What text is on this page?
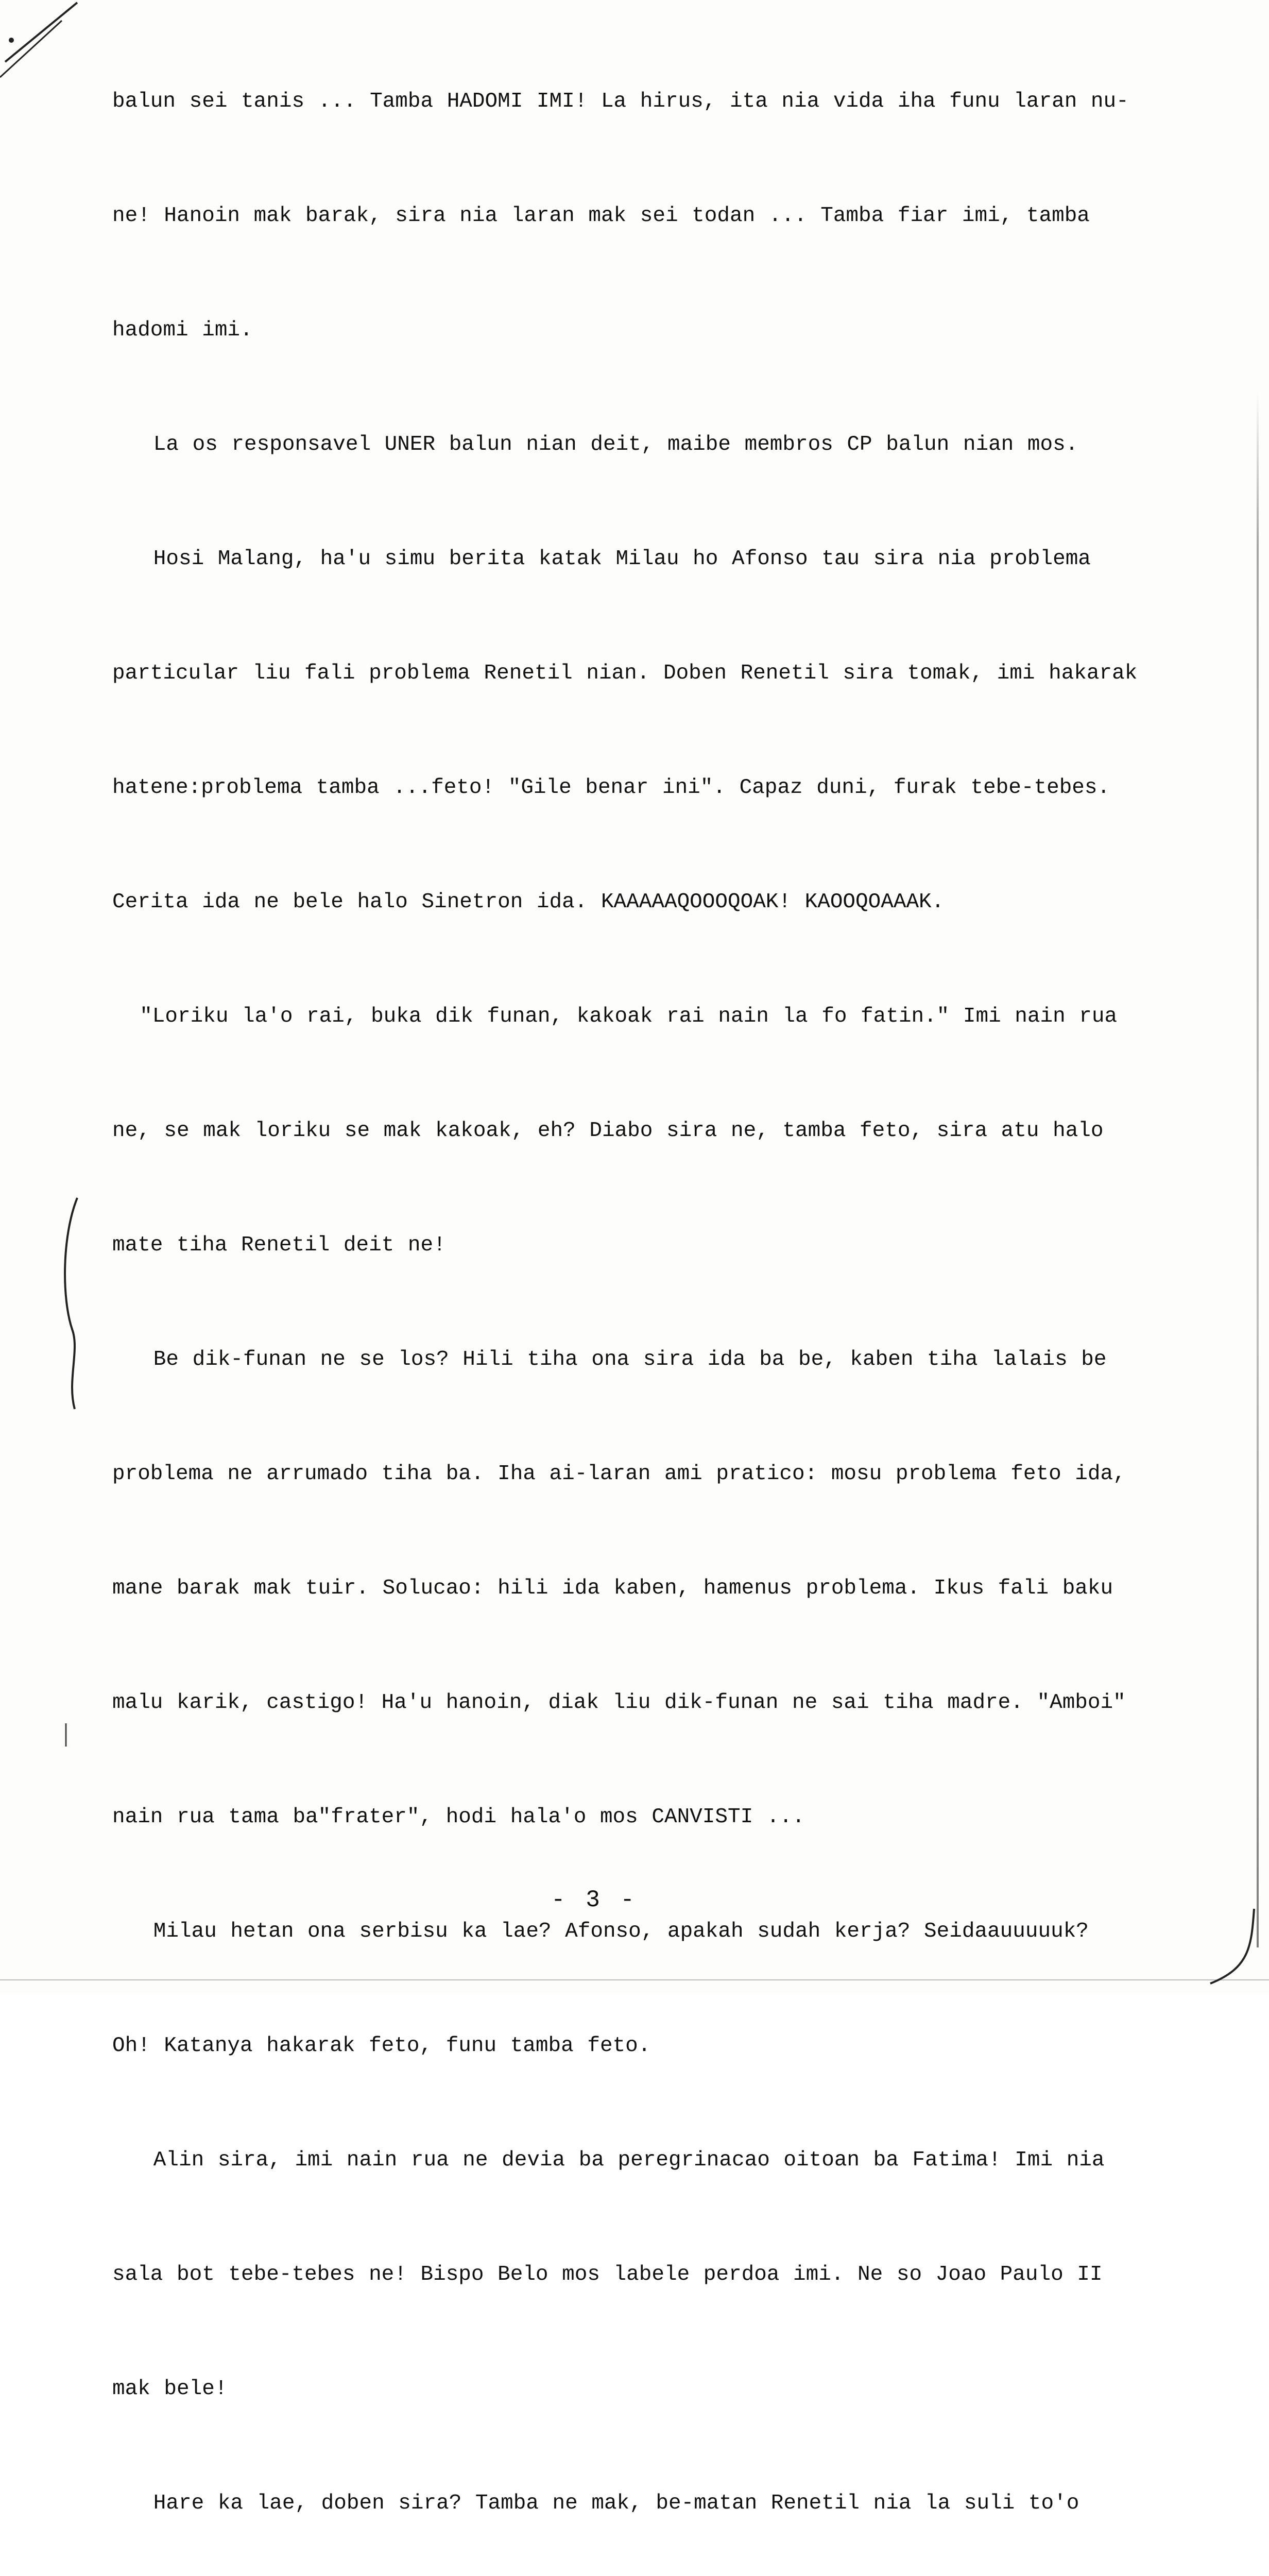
balun sei tanis ... Tamba HADOMI IMI! La hirus, ita nia vida iha funu laran nu-

ne! Hanoin mak barak, sira nia laran mak sei todan ... Tamba fiar imi, tamba

hadomi imi.

La os responsavel UNER balun nian deit, maibe membros CP balun nian mos.

Hosi Malang, ha'u simu berita katak Milau ho Afonso tau sira nia problema

particular liu fali problema Renetil nian. Doben Renetil sira tomak, imi hakarak

hatene:problema tamba ...feto! "Gile benar ini". Capaz duni, furak tebe-tebes.

Cerita ida ne bele halo Sinetron ida. KAAAAAQOOOQOAK! KAOOQOAAAK.

"Loriku la'o rai, buka dik funan, kakoak rai nain la fo fatin." Imi nain rua

ne, se mak loriku se mak kakoak, eh? Diabo sira ne, tamba feto, sira atu halo

mate tiha Renetil deit ne!

Be dik-funan ne se los? Hili tiha ona sira ida ba be, kaben tiha lalais be

problema ne arrumado tiha ba. Iha ai-laran ami pratico: mosu problema feto ida,

mane barak mak tuir. Solucao: hili ida kaben, hamenus problema. Ikus fali baku

malu karik, castigo! Ha'u hanoin, diak liu dik-funan ne sai tiha madre. "Amboi"

nain rua tama ba"frater", hodi hala'o mos CANVISTI ...

Milau hetan ona serbisu ka lae? Afonso, apakah sudah kerja? Seidaauuuuuk?

Oh! Katanya hakarak feto, funu tamba feto.

Alin sira, imi nain rua ne devia ba peregrinacao oitoan ba Fatima! Imi nia

sala bot tebe-tebes ne! Bispo Belo mos labele perdoa imi. Ne so Joao Paulo II

mak bele!

Hare ka lae, doben sira? Tamba ne mak, be-matan Renetil nia la suli to'o

- 3 -
